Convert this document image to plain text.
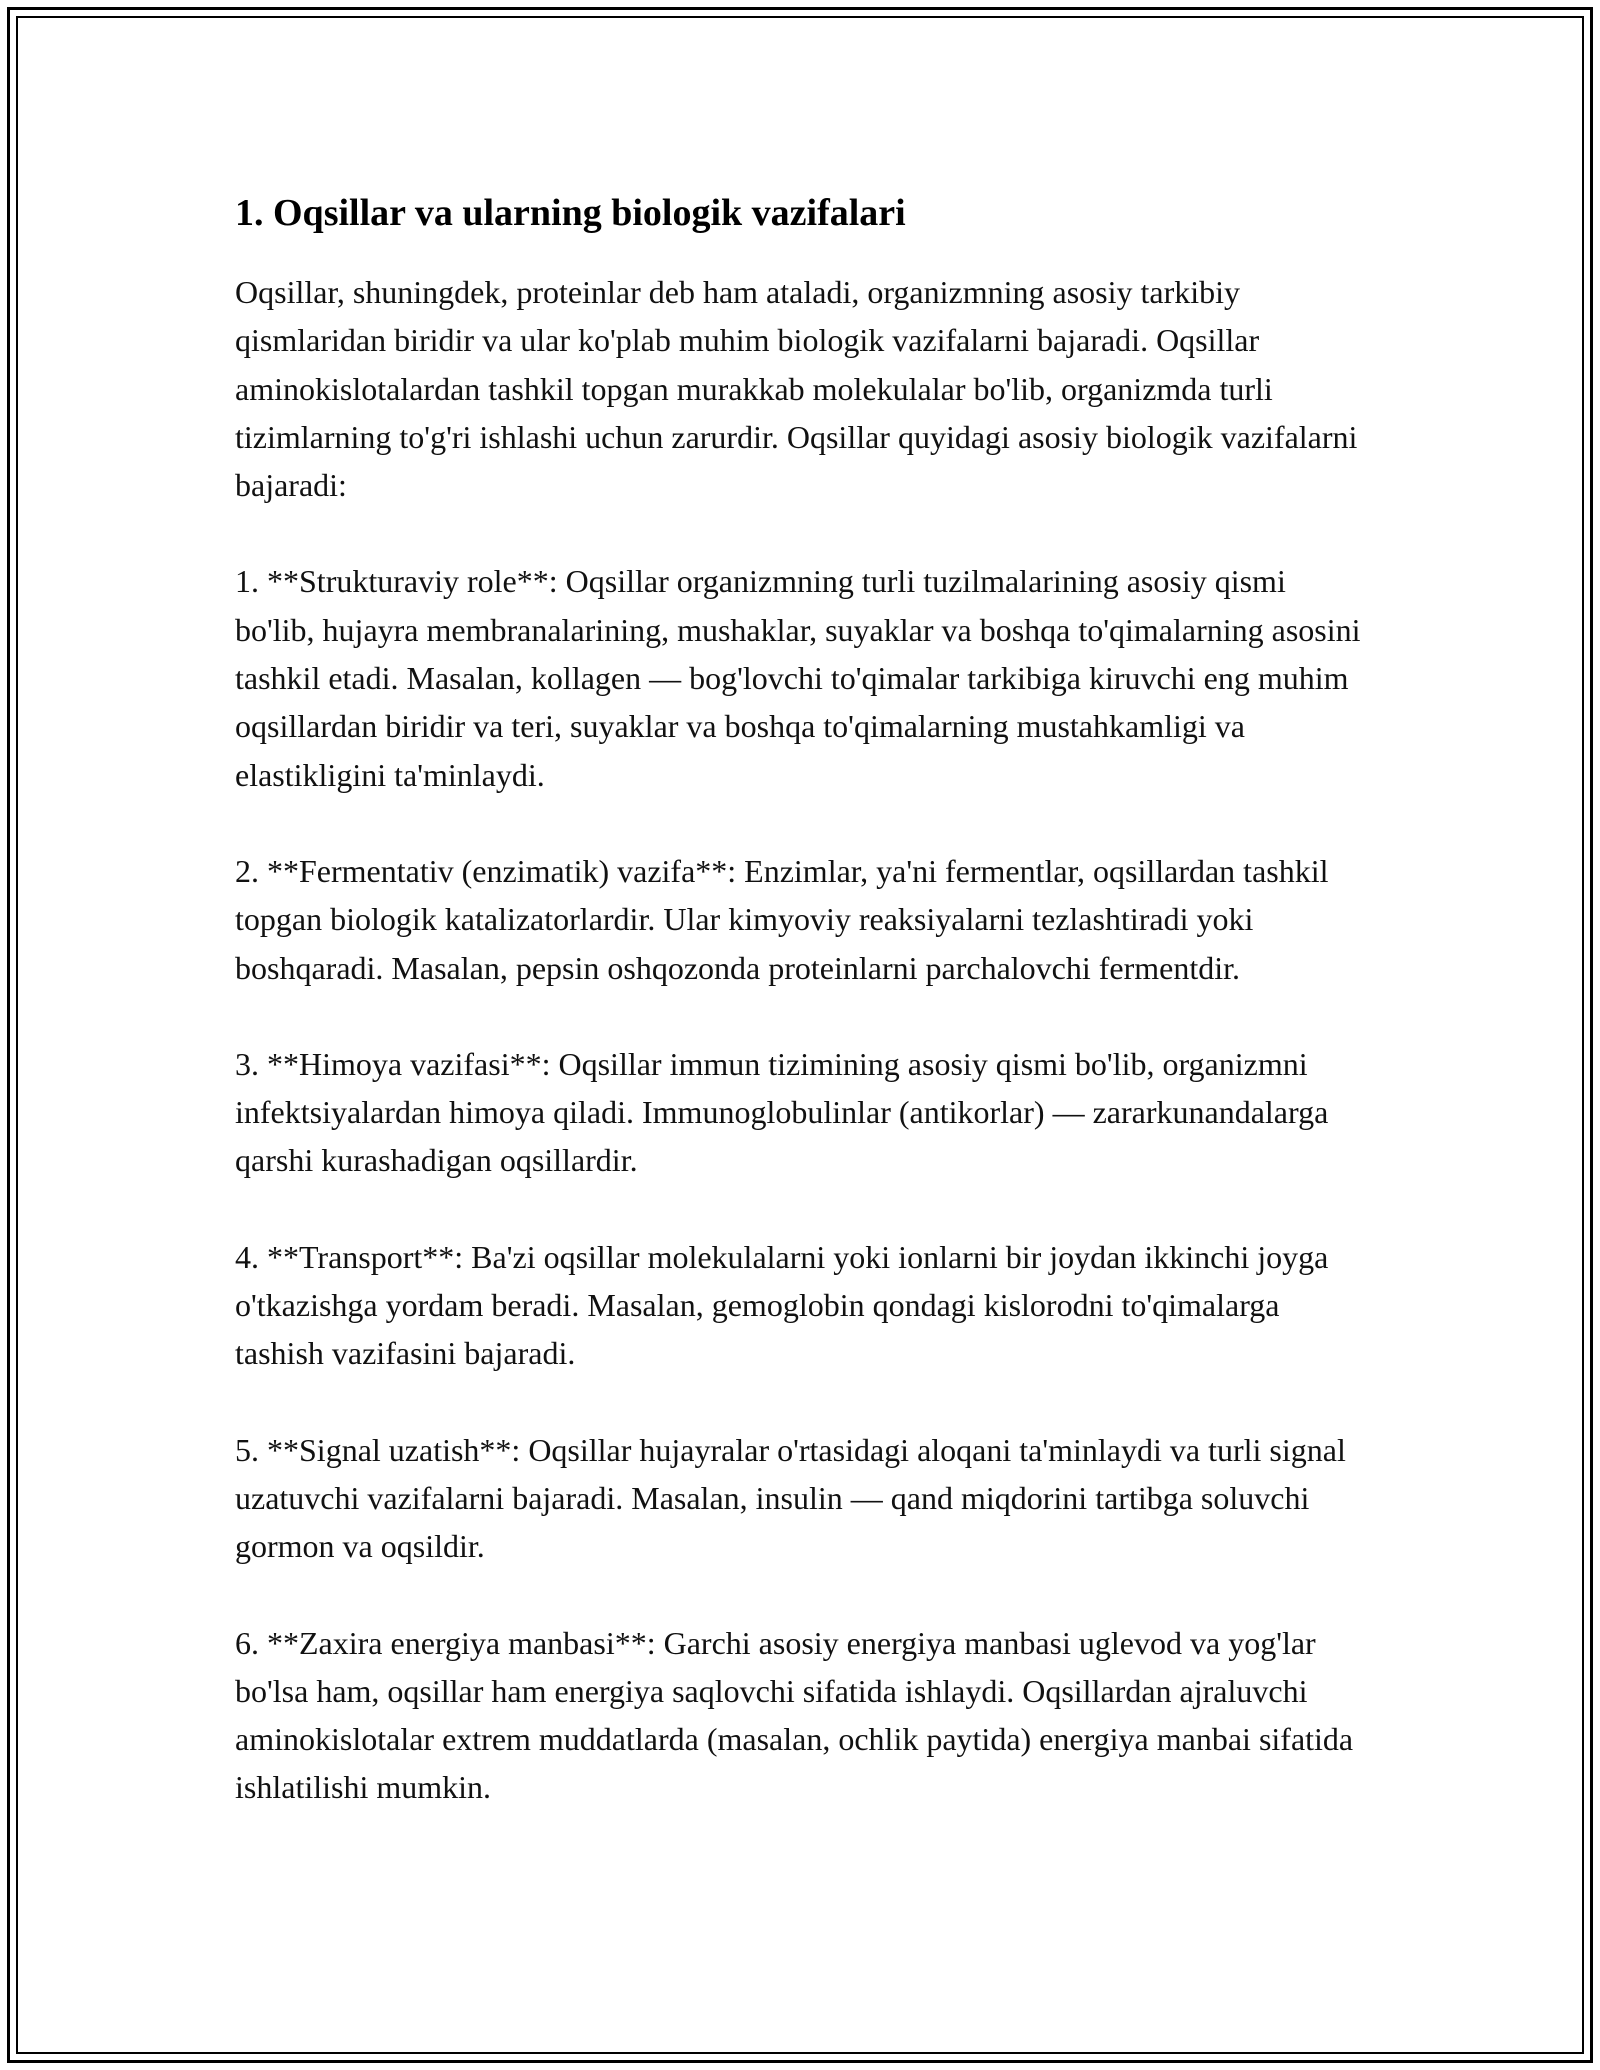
1. Oqsillar va ularning biologik vazifalari

Oqsillar, shuningdek, proteinlar deb ham ataladi, organizmning asosiy tarkibiy qismlaridan biridir va ular ko'plab muhim biologik vazifalarni bajaradi. Oqsillar aminokislotalardan tashkil topgan murakkab molekulalar bo'lib, organizmda turli tizimlarning to'g'ri ishlashi uchun zarurdir. Oqsillar quyidagi asosiy biologik vazifalarni bajaradi:

1. **Strukturaviy role**: Oqsillar organizmning turli tuzilmalarining asosiy qismi bo'lib, hujayra membranalarining, mushaklar, suyaklar va boshqa to'qimalarning asosini tashkil etadi. Masalan, kollagen — bog'lovchi to'qimalar tarkibiga kiruvchi eng muhim oqsillardan biridir va teri, suyaklar va boshqa to'qimalarning mustahkamligi va elastikligini ta'minlaydi.

2. **Fermentativ (enzimatik) vazifa**: Enzimlar, ya'ni fermentlar, oqsillardan tashkil topgan biologik katalizatorlardir. Ular kimyoviy reaksiyalarni tezlashtiradi yoki boshqaradi. Masalan, pepsin oshqozonda proteinlarni parchalovchi fermentdir.

3. **Himoya vazifasi**: Oqsillar immun tizimining asosiy qismi bo'lib, organizmni infektsiyalardan himoya qiladi. Immunoglobulinlar (antikorlar) — zararkunandalarga qarshi kurashadigan oqsillardir.

4. **Transport**: Ba'zi oqsillar molekulalarni yoki ionlarni bir joydan ikkinchi joyga o'tkazishga yordam beradi. Masalan, gemoglobin qondagi kislorodni to'qimalarga tashish vazifasini bajaradi.

5. **Signal uzatish**: Oqsillar hujayralar o'rtasidagi aloqani ta'minlaydi va turli signal uzatuvchi vazifalarni bajaradi. Masalan, insulin — qand miqdorini tartibga soluvchi gormon va oqsildir.

6. **Zaxira energiya manbasi**: Garchi asosiy energiya manbasi uglevod va yog'lar bo'lsa ham, oqsillar ham energiya saqlovchi sifatida ishlaydi. Oqsillardan ajraluvchi aminokislotalar extrem muddatlarda (masalan, ochlik paytida) energiya manbai sifatida ishlatilishi mumkin.
